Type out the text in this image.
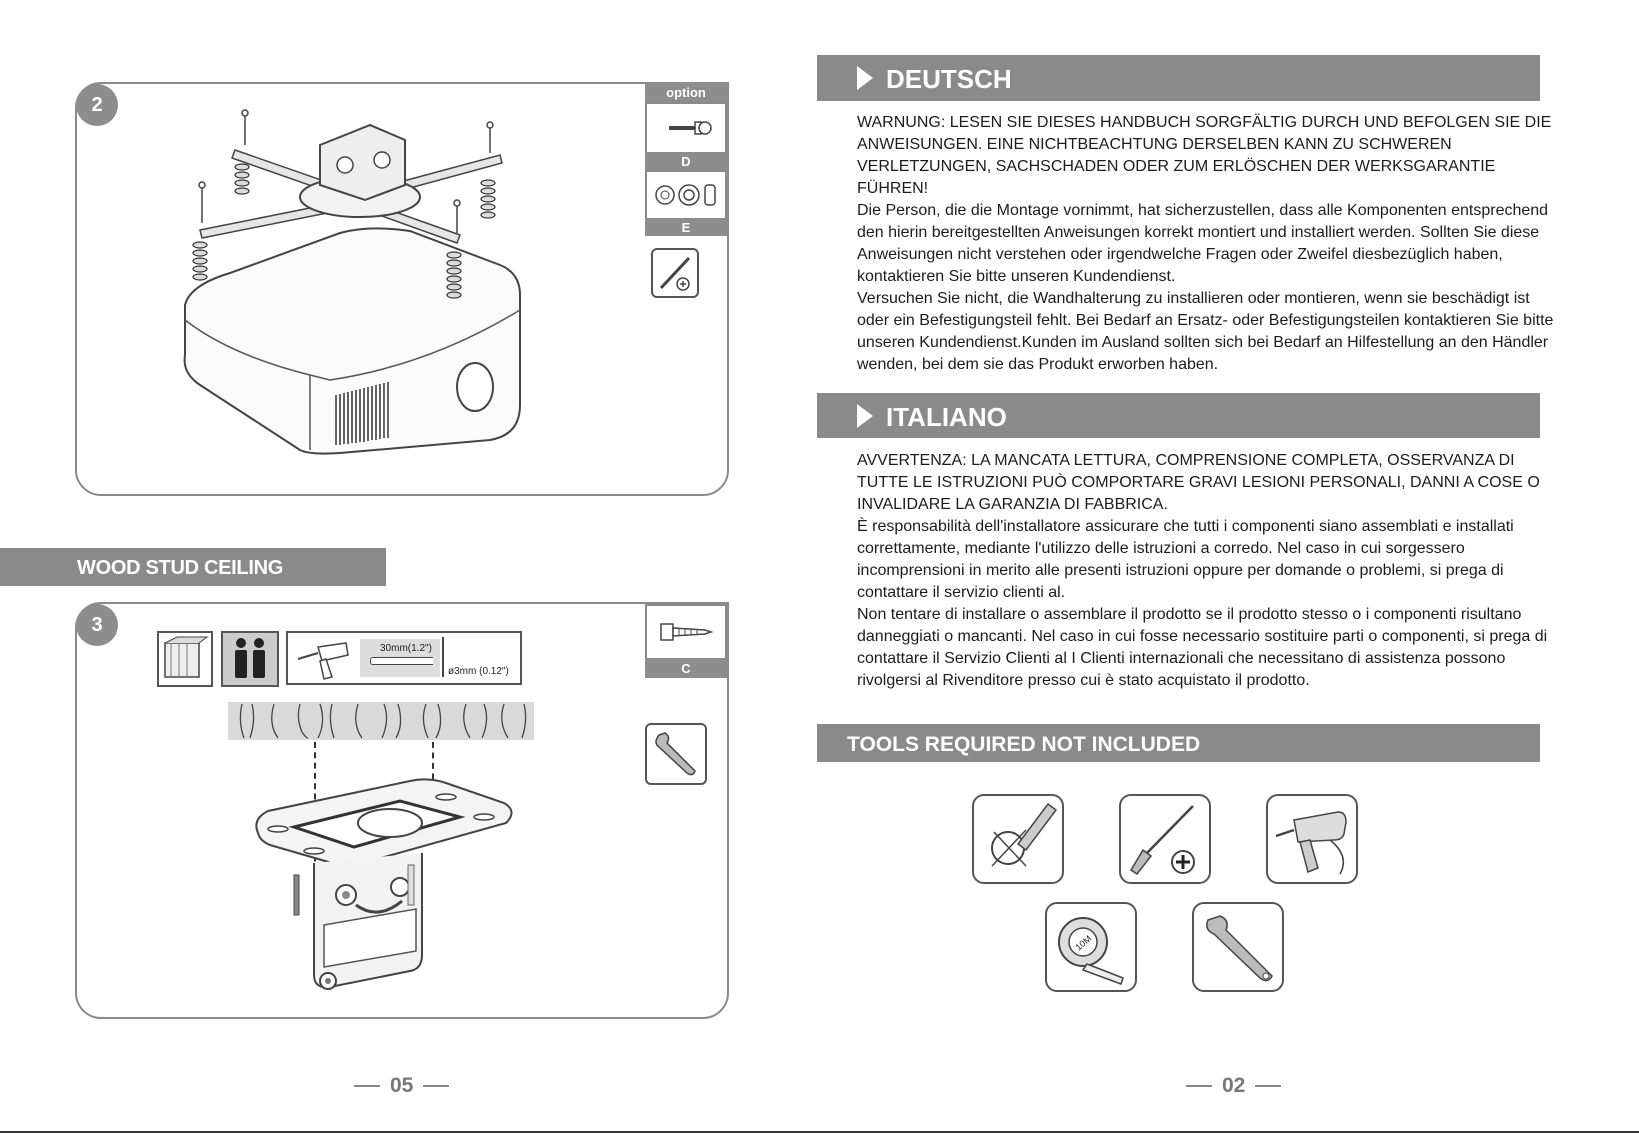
2
option
D
E
WOOD STUD CEILING
3
30mm(1.2")
ø3mm (0.12")	C
05
DEUTSCH

WARNUNG: LESEN SIE DIESES HANDBUCH SORGFÄLTIG DURCH UND BEFOLGEN SIE DIE ANWEISUNGEN. EINE NICHTBEACHTUNG DERSELBEN KANN ZU SCHWEREN VERLETZUNGEN, SACHSCHADEN ODER ZUM ERLÖSCHEN DER WERKSGARANTIE FÜHREN!

Die Person, die die Montage vornimmt, hat sicherzustellen, dass alle Komponenten entsprechend den hierin bereitgestellten Anweisungen korrekt montiert und installiert werden. Sollten Sie diese Anweisungen nicht verstehen oder irgendwelche Fragen oder Zweifel diesbezüglich haben, kontaktieren Sie bitte unseren Kundendienst.

Versuchen Sie nicht, die Wandhalterung zu installieren oder montieren, wenn sie beschädigt ist oder ein Befestigungsteil fehlt. Bei Bedarf an Ersatz- oder Befestigungsteilen kontaktieren Sie bitte unseren Kundendienst.Kunden im Ausland sollten sich bei Bedarf an Hilfestellung an den Händler wenden, bei dem sie das Produkt erworben haben.

ITALIANO

AVVERTENZA: LA MANCATA LETTURA, COMPRENSIONE COMPLETA, OSSERVANZA DI TUTTE LE ISTRUZIONI PUÒ COMPORTARE GRAVI LESIONI PERSONALI, DANNI A COSE O INVALIDARE LA GARANZIA DI FABBRICA.

È responsabilità dell'installatore assicurare che tutti i componenti siano assemblati e installati correttamente, mediante l'utilizzo delle istruzioni a corredo. Nel caso in cui sorgessero incomprensioni in merito alle presenti istruzioni oppure per domande o problemi, si prega di contattare il servizio clienti al.

Non tentare di installare o assemblare il prodotto se il prodotto stesso o i componenti risultano danneggiati o mancanti. Nel caso in cui fosse necessario sostituire parti o componenti, si prega di contattare il Servizio Clienti al I Clienti internazionali che necessitano di assistenza possono rivolgersi al Rivenditore presso cui è stato acquistato il prodotto.

TOOLS REQUIRED NOT INCLUDED
10M
02
